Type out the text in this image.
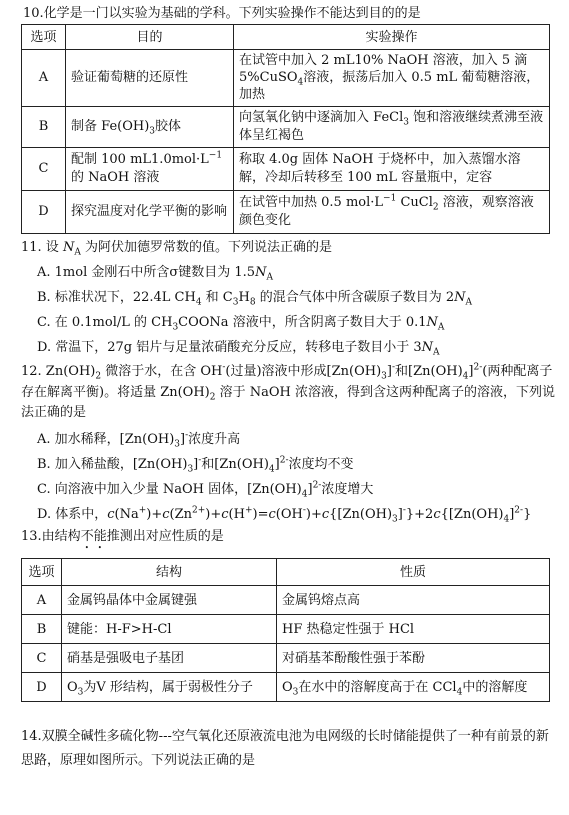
10.化学是一门以实验为基础的学科。下列实验操作不能达到目的的是

选项	目的	实验操作
A	验证葡萄糖的还原性	在试管中加入 2 mL10% NaOH 溶液，加入 5 滴 5%CuSO$_4$溶液，振荡后加入 0.5 mL 葡萄糖溶液，加热
B	制备 $Fe(OH)_3$胶体	向氢氧化钠中逐滴加入 FeCl$_3$ 饱和溶液继续煮沸至液体呈红褐色
C	配制 100 $mL1.0mol\cdot L^{-1}$的 NaOH 溶液	称取 4.0g 固体 NaOH 于烧杯中，加入蒸馏水溶解，冷却后转移至 100 mL 容量瓶中，定容
D	探究温度对化学平衡的影响	在试管中加热 0.5 $mol\cdot L^{-1}$ CuCl$_2$ 溶液，观察溶液颜色变化

11. 设 $N_A$ 为阿伏加德罗常数的值。下列说法正确的是

A. 1mol 金刚石中所含σ键数目为 $1.5N_A$
B. 标准状况下，22.4L $CH_4$ 和 $C_3H_8$ 的混合气体中所含碳原子数目为 $2N_A$
C. 在 0.1mol/L 的 $CH_3COONa$ 溶液中，所含阴离子数目大于 $0.1N_A$
D. 常温下，27g 铝片与足量浓硝酸充分反应，转移电子数目小于 $3N_A$

12. $Zn(OH)_2$ 微溶于水，在含 OH-(过量)溶液中形成$[Zn(OH)_3]^-$和$[Zn(OH)_4]^{2-}$(两种配离子存在解离平衡)。将适量 $Zn(OH)_2$ 溶于 NaOH 浓溶液，得到含这两种配离子的溶液，下列说法正确的是

A. 加水稀释，$[Zn(OH)_3]^-$浓度升高
B. 加入稀盐酸，$[Zn(OH)_3]^-$和$[Zn(OH)_4]^{2-}$浓度均不变
C. 向溶液中加入少量 NaOH 固体，$[Zn(OH)_4]^{2-}$浓度增大
D. 体系中，$c(Na^+)+c(Zn^{2+})+c(H^+)=c(OH^-)+c\{[Zn(OH)_3]^-\}+2c\{[Zn(OH)_4]^{2-}\}$

13.由结构不能推测出对应性质的是

选项	结构	性质
A	金属钨晶体中金属键强	金属钨熔点高
B	键能：H-F>H-Cl	HF 热稳定性强于 HCl
C	硝基是强吸电子基团	对硝基苯酚酸性强于苯酚
D	$O_3$为V 形结构，属于弱极性分子	$O_3$在水中的溶解度高于在 CCl$_4$中的溶解度

14.双膜全碱性多硫化物---空气氧化还原液流电池为电网级的长时储能提供了一种有前景的新思路，原理如图所示。下列说法正确的是
